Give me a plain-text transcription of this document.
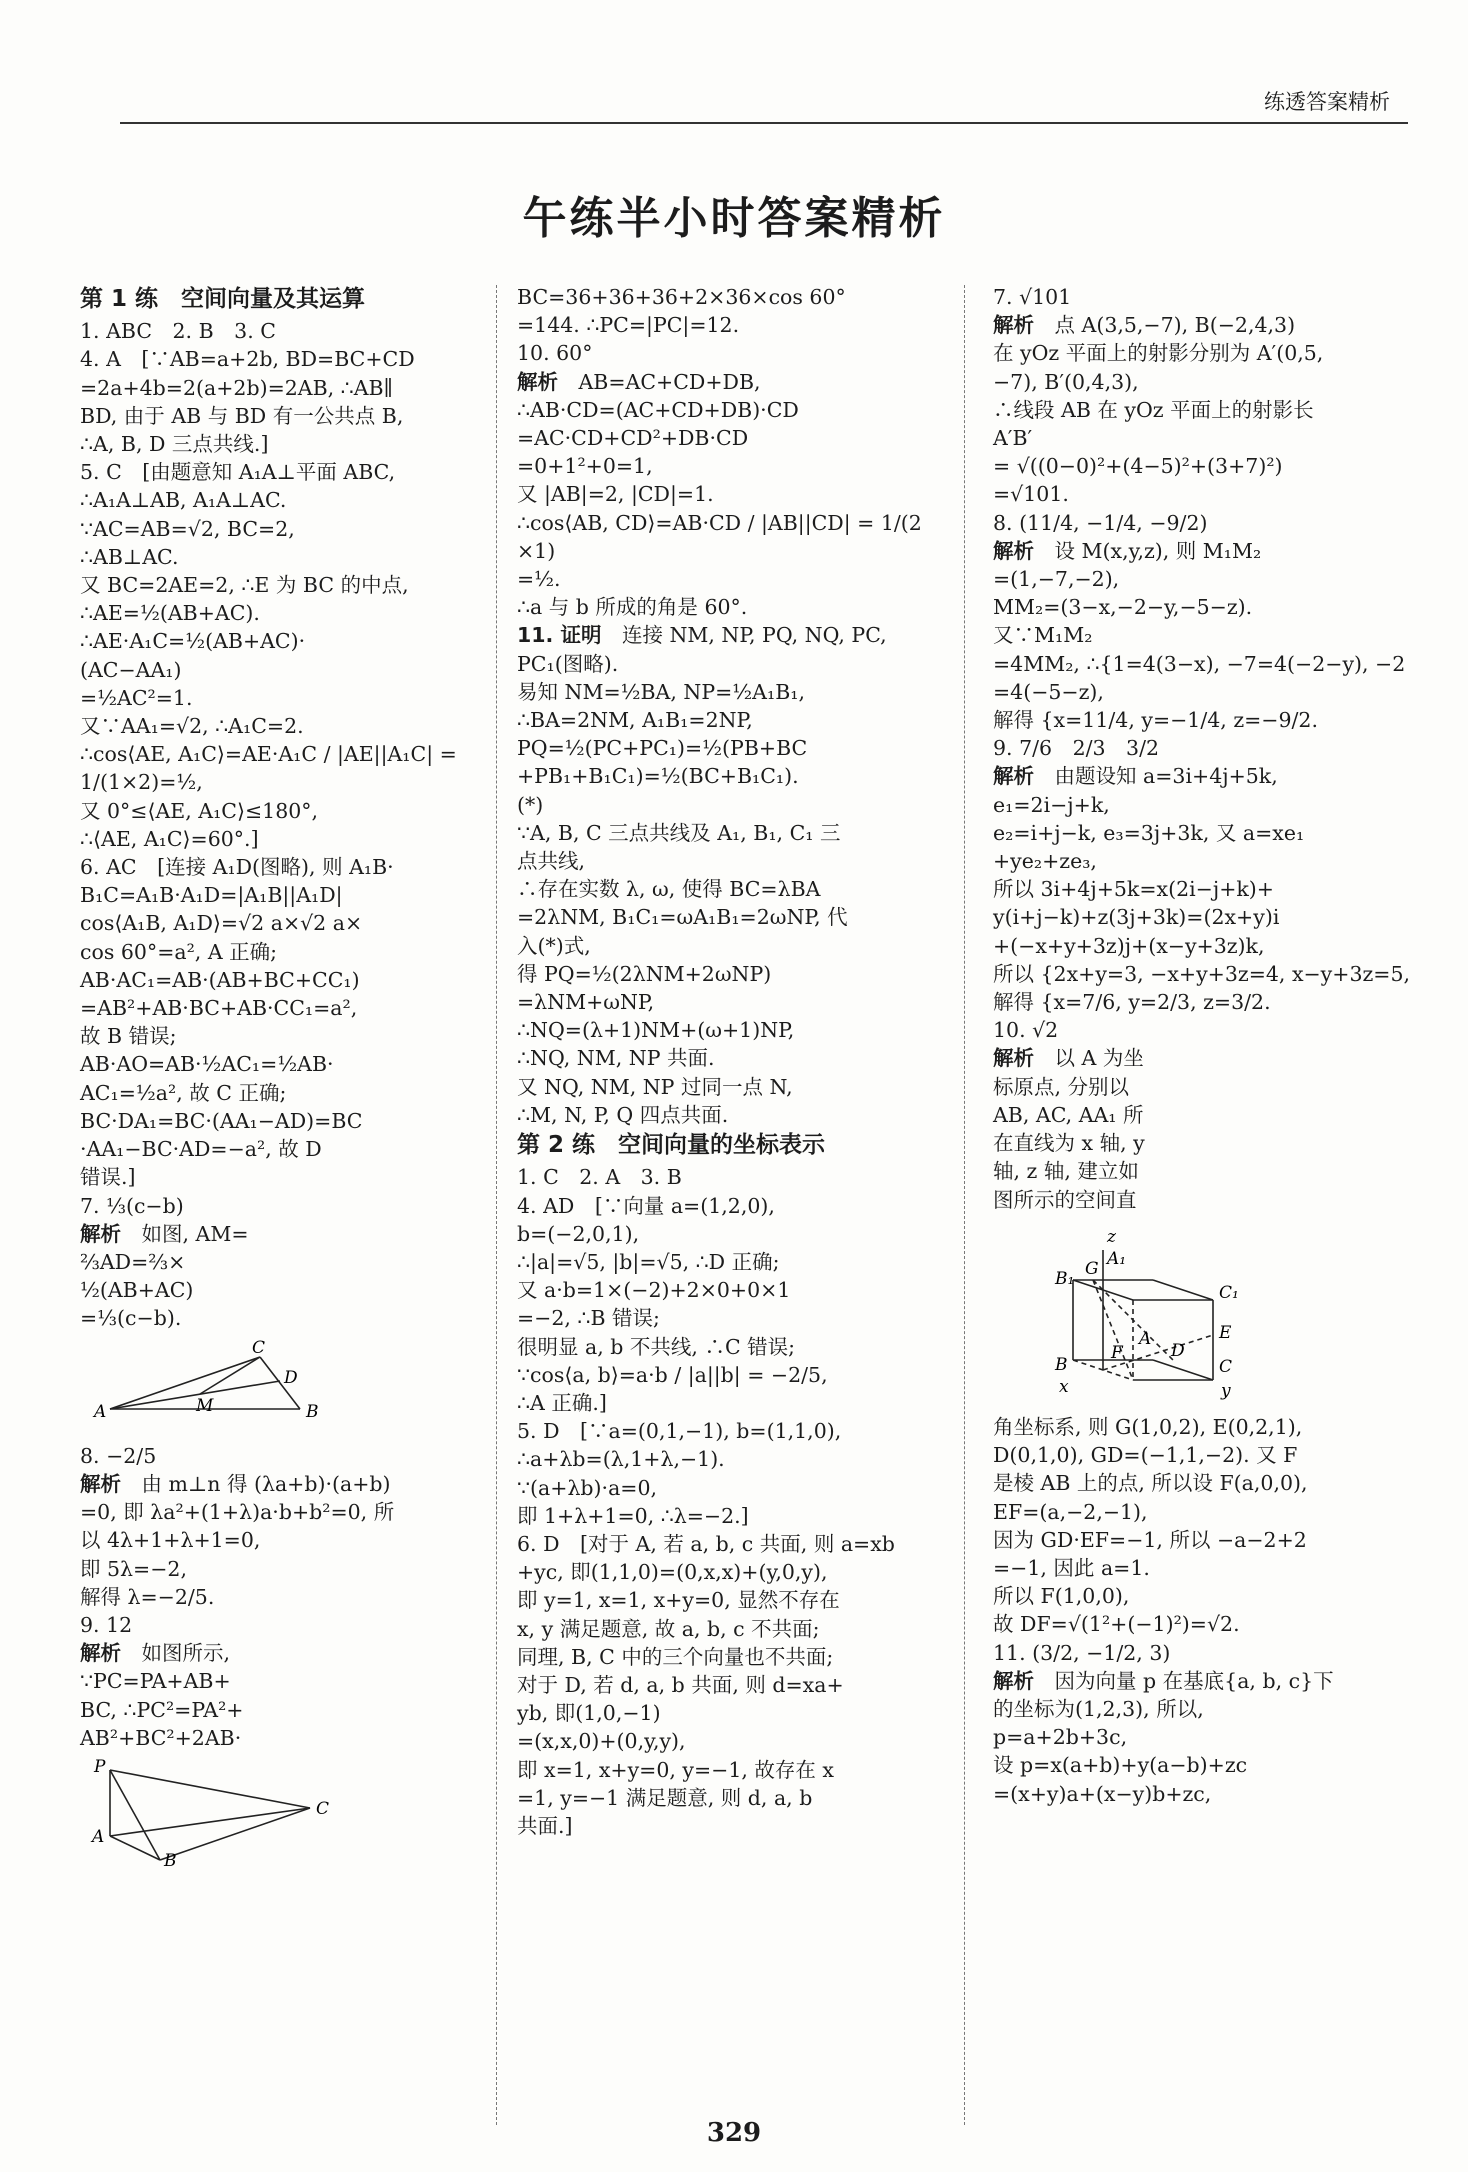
练透答案精析
午练半小时答案精析
第 1 练　空间向量及其运算
1. ABC　2. B　3. C
4. A　[∵AB=a+2b, BD=BC+CD
=2a+4b=2(a+2b)=2AB, ∴AB∥
BD, 由于 AB 与 BD 有一公共点 B,
∴A, B, D 三点共线.]
5. C　[由题意知 A₁A⊥平面 ABC,
∴A₁A⊥AB, A₁A⊥AC.
∵AC=AB=√2, BC=2,
∴AB⊥AC.
又 BC=2AE=2, ∴E 为 BC 的中点,
∴AE=½(AB+AC).
∴AE·A₁C=½(AB+AC)·
(AC−AA₁)
=½AC²=1.
又∵AA₁=√2, ∴A₁C=2.
∴cos⟨AE, A₁C⟩=AE·A₁C / |AE||A₁C| =
1/(1×2)=½,
又 0°≤⟨AE, A₁C⟩≤180°,
∴⟨AE, A₁C⟩=60°.]
6. AC　[连接 A₁D(图略), 则 A₁B·
B₁C=A₁B·A₁D=|A₁B||A₁D|
cos⟨A₁B, A₁D⟩=√2 a×√2 a×
cos 60°=a², A 正确;
AB·AC₁=AB·(AB+BC+CC₁)
=AB²+AB·BC+AB·CC₁=a²,
故 B 错误;
AB·AO=AB·½AC₁=½AB·
AC₁=½a², 故 C 正确;
BC·DA₁=BC·(AA₁−AD)=BC
·AA₁−BC·AD=−a², 故 D
错误.]
7. ⅓(c−b)
解析　如图, AM=
⅔AD=⅔×
½(AB+AC)
=⅓(c−b).
C
D
M
A	B
8. −2/5
解析　由 m⊥n 得 (λa+b)·(a+b)
=0, 即 λa²+(1+λ)a·b+b²=0, 所
以 4λ+1+λ+1=0,
即 5λ=−2,
解得 λ=−2/5.
9. 12
解析　如图所示,
∵PC=PA+AB+
BC, ∴PC²=PA²+
AB²+BC²+2AB·
P
C
A
B
BC=36+36+36+2×36×cos 60°
=144. ∴PC=|PC|=12.
10. 60°
解析　AB=AC+CD+DB,
∴AB·CD=(AC+CD+DB)·CD
=AC·CD+CD²+DB·CD
=0+1²+0=1,
又 |AB|=2, |CD|=1.
∴cos⟨AB, CD⟩=AB·CD / |AB||CD| = 1/(2×1)
=½.
∴a 与 b 所成的角是 60°.
11. 证明　连接 NM, NP, PQ, NQ, PC,
PC₁(图略).
易知 NM=½BA, NP=½A₁B₁,
∴BA=2NM, A₁B₁=2NP,
PQ=½(PC+PC₁)=½(PB+BC
+PB₁+B₁C₁)=½(BC+B₁C₁).
(*)
∵A, B, C 三点共线及 A₁, B₁, C₁ 三
点共线,
∴存在实数 λ, ω, 使得 BC=λBA
=2λNM, B₁C₁=ωA₁B₁=2ωNP, 代
入(*)式,
得 PQ=½(2λNM+2ωNP)
=λNM+ωNP,
∴NQ=(λ+1)NM+(ω+1)NP,
∴NQ, NM, NP 共面.
又 NQ, NM, NP 过同一点 N,
∴M, N, P, Q 四点共面.
第 2 练　空间向量的坐标表示
1. C　2. A　3. B
4. AD　[∵向量 a=(1,2,0),
b=(−2,0,1),
∴|a|=√5, |b|=√5, ∴D 正确;
又 a·b=1×(−2)+2×0+0×1
=−2, ∴B 错误;
很明显 a, b 不共线, ∴C 错误;
∵cos⟨a, b⟩=a·b / |a||b| = −2/5,
∴A 正确.]
5. D　[∵a=(0,1,−1), b=(1,1,0),
∴a+λb=(λ,1+λ,−1).
∵(a+λb)·a=0,
即 1+λ+1=0, ∴λ=−2.]
6. D　[对于 A, 若 a, b, c 共面, 则 a=xb
+yc, 即(1,1,0)=(0,x,x)+(y,0,y),
即 y=1, x=1, x+y=0, 显然不存在
x, y 满足题意, 故 a, b, c 不共面;
同理, B, C 中的三个向量也不共面;
对于 D, 若 d, a, b 共面, 则 d=xa+
yb, 即(1,0,−1)
=(x,x,0)+(0,y,y),
即 x=1, x+y=0, y=−1, 故存在 x
=1, y=−1 满足题意, 则 d, a, b
共面.]
7. √101
解析　点 A(3,5,−7), B(−2,4,3)
在 yOz 平面上的射影分别为 A′(0,5,
−7), B′(0,4,3),
∴线段 AB 在 yOz 平面上的射影长
A′B′
= √((0−0)²+(4−5)²+(3+7)²)
=√101.
8. (11/4, −1/4, −9/2)
解析　设 M(x,y,z), 则 M₁M₂
=(1,−7,−2),
MM₂=(3−x,−2−y,−5−z).
又∵M₁M₂
=4MM₂, ∴{1=4(3−x), −7=4(−2−y), −2=4(−5−z),
解得 {x=11/4, y=−1/4, z=−9/2.
9. 7/6　2/3　3/2
解析　由题设知 a=3i+4j+5k,
e₁=2i−j+k,
e₂=i+j−k, e₃=3j+3k, 又 a=xe₁
+ye₂+ze₃,
所以 3i+4j+5k=x(2i−j+k)+
y(i+j−k)+z(3j+3k)=(2x+y)i
+(−x+y+3z)j+(x−y+3z)k,
所以 {2x+y=3, −x+y+3z=4, x−y+3z=5, 解得 {x=7/6, y=2/3, z=3/2.
10. √2
解析　以 A 为坐
标原点, 分别以
AB, AC, AA₁ 所
在直线为 x 轴, y
轴, z 轴, 建立如
图所示的空间直
z
A₁
G
C₁
B₁
E
A
F	D
B	C
x	y
角坐标系, 则 G(1,0,2), E(0,2,1),
D(0,1,0), GD=(−1,1,−2). 又 F
是棱 AB 上的点, 所以设 F(a,0,0),
EF=(a,−2,−1),
因为 GD·EF=−1, 所以 −a−2+2
=−1, 因此 a=1.
所以 F(1,0,0),
故 DF=√(1²+(−1)²)=√2.
11. (3/2, −1/2, 3)
解析　因为向量 p 在基底{a, b, c}下
的坐标为(1,2,3), 所以,
p=a+2b+3c,
设 p=x(a+b)+y(a−b)+zc
=(x+y)a+(x−y)b+zc,
329
